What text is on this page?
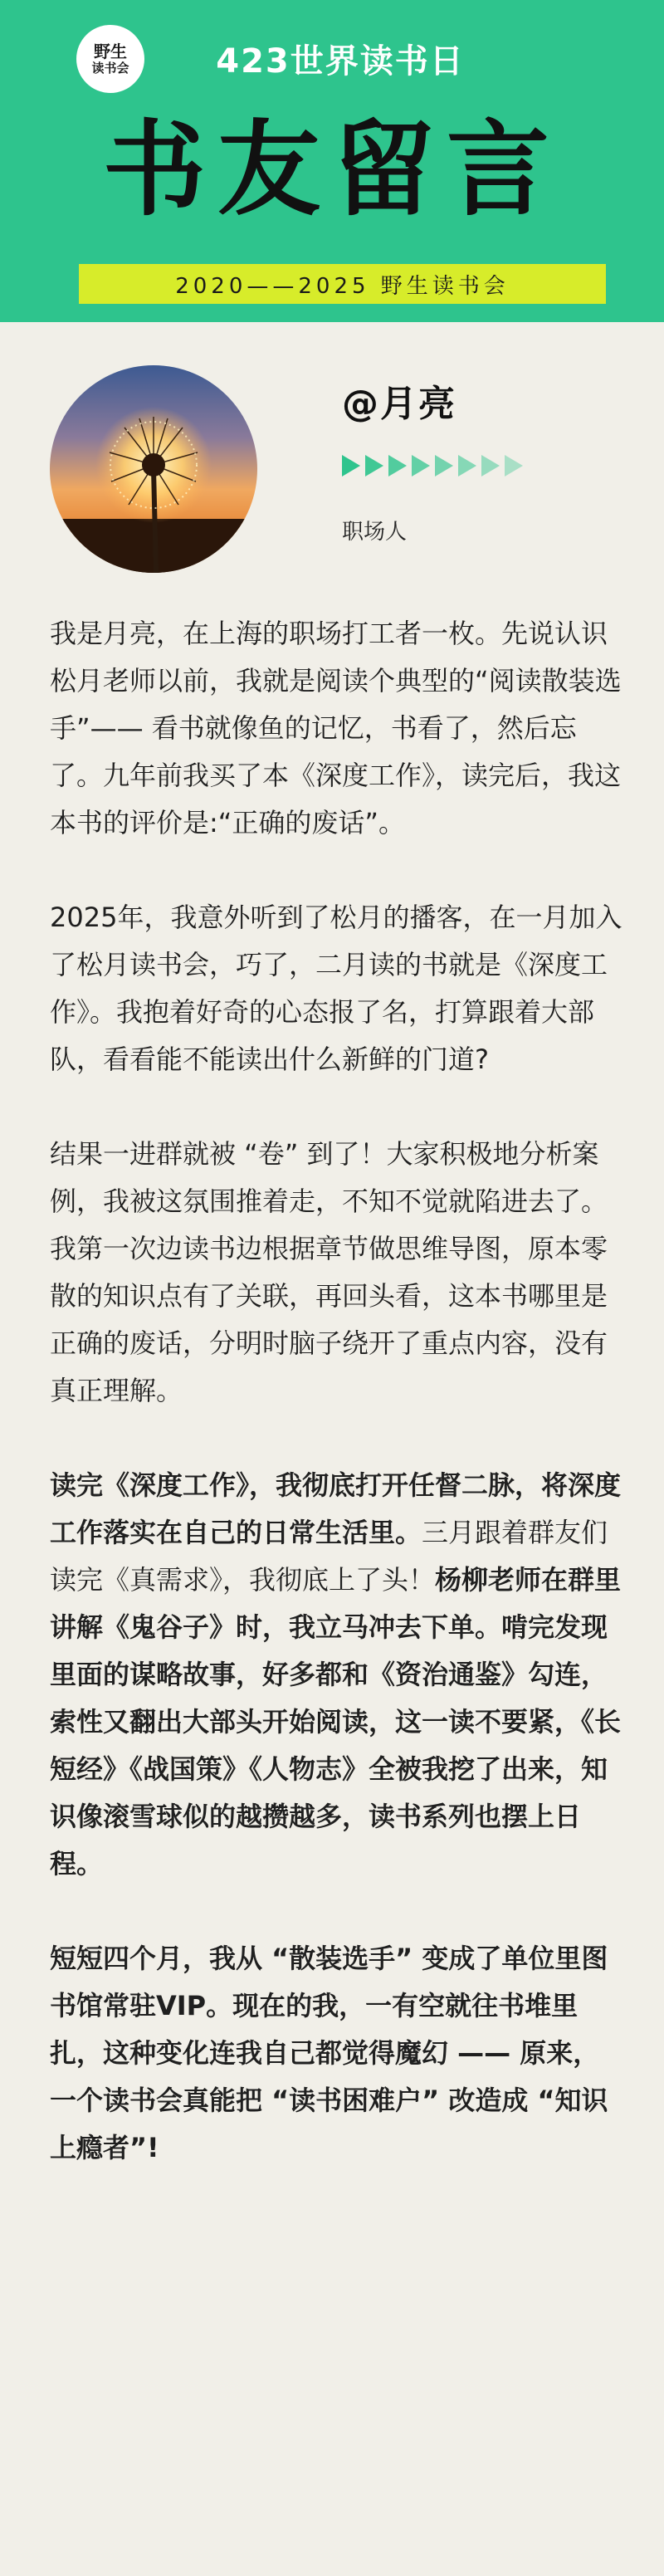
野生
读书会	423世界读书日
书友留言
2020——2025 野生读书会
@月亮
职场人

我是月亮，在上海的职场打工者一枚。先说认识松月老师以前，我就是阅读个典型的“阅读散装选手”—— 看书就像鱼的记忆，书看了，然后忘了。九年前我买了本《深度工作》，读完后，我这本书的评价是:“正确的废话”。

2025年，我意外听到了松月的播客，在一月加入了松月读书会，巧了，二月读的书就是《深度工作》。我抱着好奇的心态报了名，打算跟着大部队，看看能不能读出什么新鲜的门道?

结果一进群就被 “卷” 到了！大家积极地分析案例，我被这氛围推着走，不知不觉就陷进去了。我第一次边读书边根据章节做思维导图，原本零散的知识点有了关联，再回头看，这本书哪里是正确的废话，分明时脑子绕开了重点内容，没有真正理解。

读完《深度工作》，我彻底打开任督二脉，将深度工作落实在自己的日常生活里。三月跟着群友们读完《真需求》，我彻底上了头！杨柳老师在群里讲解《鬼谷子》时，我立马冲去下单。啃完发现里面的谋略故事，好多都和《资治通鉴》勾连，索性又翻出大部头开始阅读，这一读不要紧，《长短经》《战国策》《人物志》全被我挖了出来，知识像滚雪球似的越攒越多，读书系列也摆上日程。

短短四个月，我从 “散装选手” 变成了单位里图书馆常驻VIP。现在的我，一有空就往书堆里扎，这种变化连我自己都觉得魔幻 —— 原来，一个读书会真能把 “读书困难户” 改造成 “知识上瘾者”!
